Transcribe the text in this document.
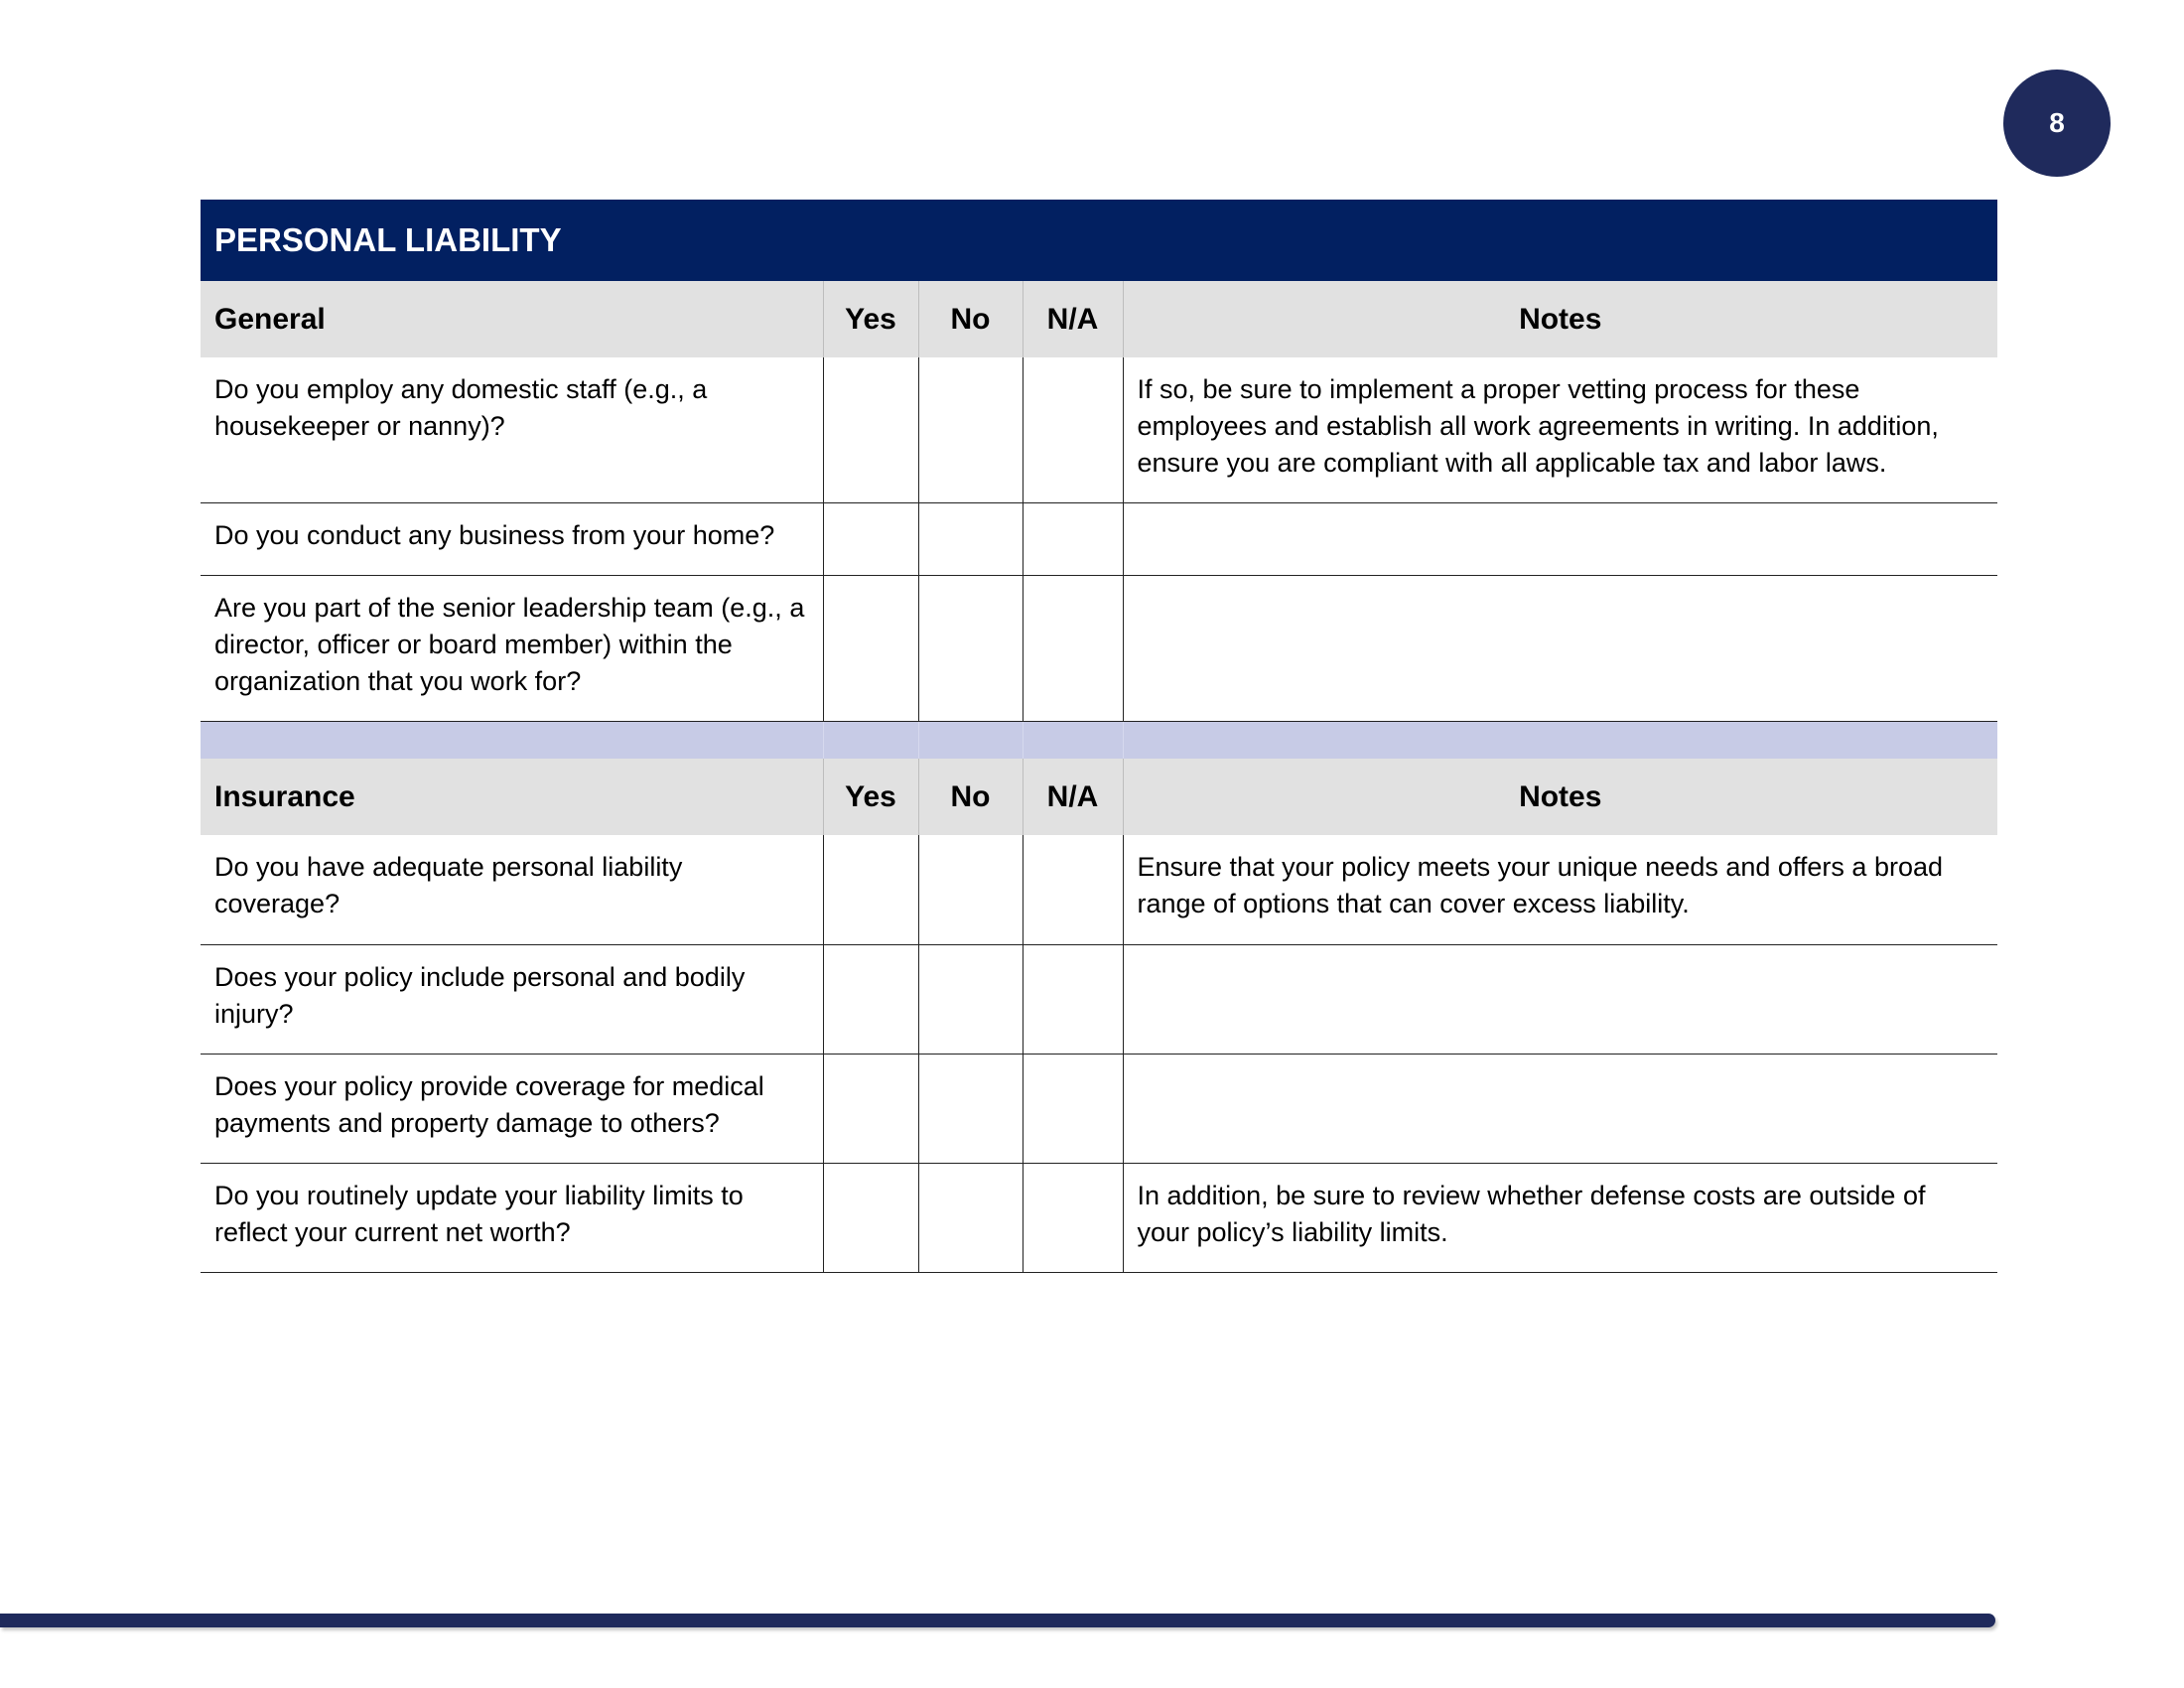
8
PERSONAL LIABILITY
General	Yes	No	N/A	Notes
Do you employ any domestic staff (e.g., a housekeeper or nanny)?				If so, be sure to implement a proper vetting process for these employees and establish all work agreements in writing. In addition, ensure you are compliant with all applicable tax and labor laws.
Do you conduct any business from your home?				
Are you part of the senior leadership team (e.g., a director, officer or board member) within the organization that you work for?				

Insurance	Yes	No	N/A	Notes
Do you have adequate personal liability coverage?				Ensure that your policy meets your unique needs and offers a broad range of options that can cover excess liability.
Does your policy include personal and bodily injury?				
Does your policy provide coverage for medical payments and property damage to others?				
Do you routinely update your liability limits to reflect your current net worth?				In addition, be sure to review whether defense costs are outside of your policy’s liability limits.
